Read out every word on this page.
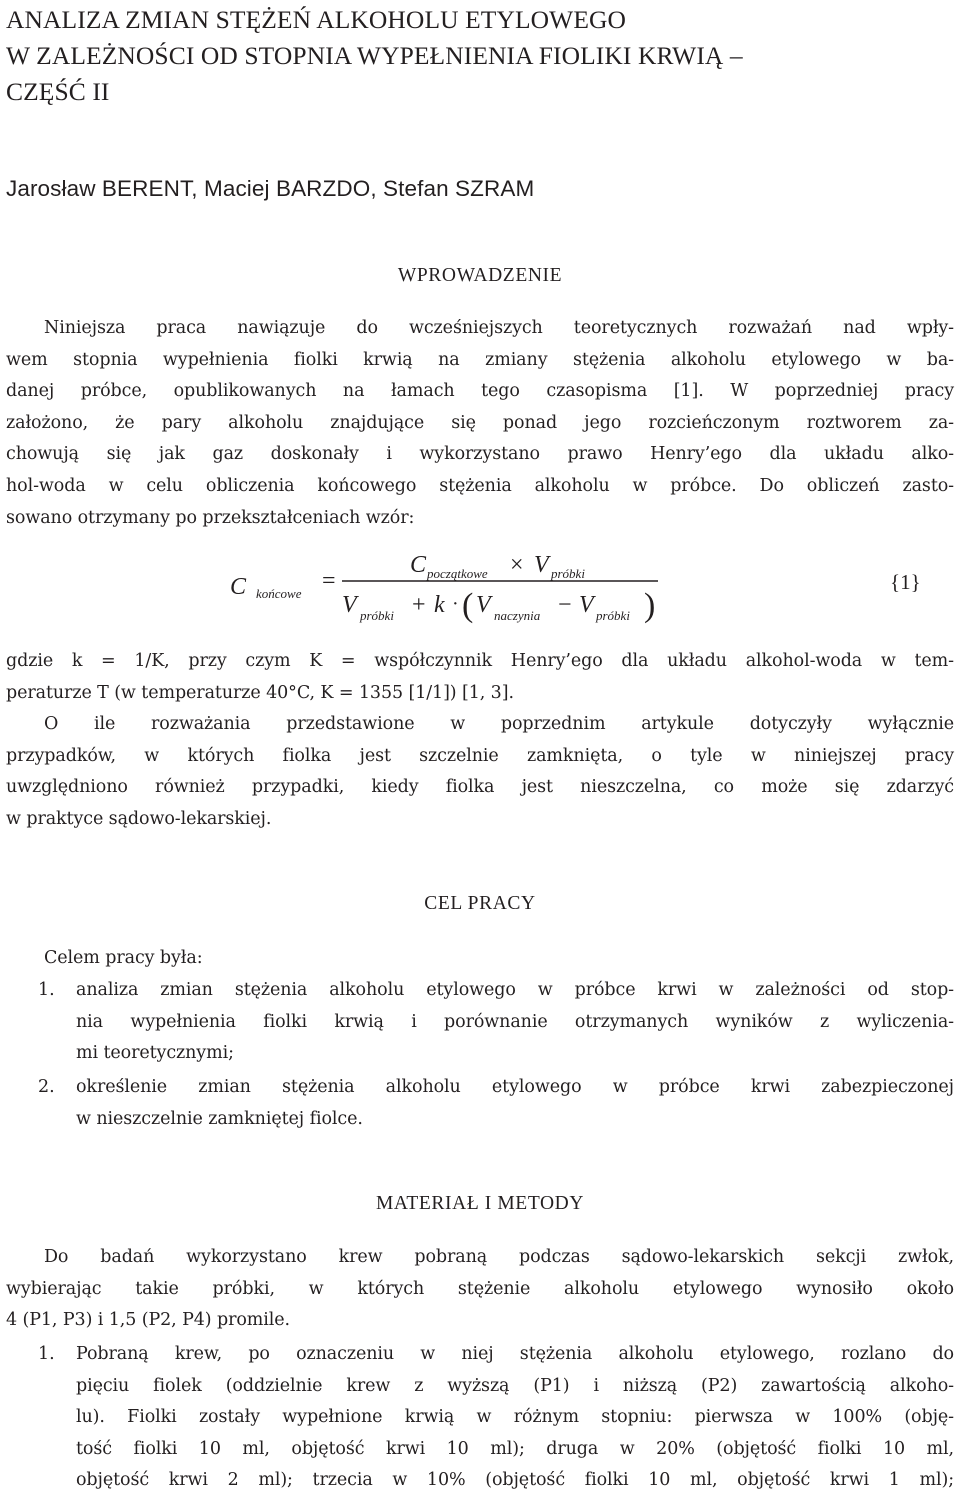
ANALIZA ZMIAN STĘŻEŃ ALKOHOLU ETYLOWEGO
W ZALEŻNOŚCI OD STOPNIA WYPEŁNIENIA FIOLIKI KRWIĄ –
CZĘŚĆ II
Jarosław BERENT, Maciej BARZDO, Stefan SZRAM
WPROWADZENIE
Niniejsza praca nawiązuje do wcześniejszych teoretycznych rozważań nad wpły-
wem stopnia wypełnienia fiolki krwią na zmiany stężenia alkoholu etylowego w ba-
danej próbce, opublikowanych na łamach tego czasopisma [1]. W poprzedniej pracy
założono, że pary alkoholu znajdujące się ponad jego rozcieńczonym roztworem za-
chowują się jak gaz doskonały i wykorzystano prawo Henry’ego dla układu alko-
hol-woda w celu obliczenia końcowego stężenia alkoholu w próbce. Do obliczeń zasto-
sowano otrzymany po przekształceniach wzór:
C końcowe =
C początkowe × V próbki
V próbki + k · ( V naczynia − V próbki )
{1}
gdzie k = 1/K, przy czym K = współczynnik Henry’ego dla układu alkohol-woda w tem-
peraturze T (w temperaturze 40°C, K = 1355 [1/1]) [1, 3].
O ile rozważania przedstawione w poprzednim artykule dotyczyły wyłącznie
przypadków, w których fiolka jest szczelnie zamknięta, o tyle w niniejszej pracy
uwzględniono również przypadki, kiedy fiolka jest nieszczelna, co może się zdarzyć
w praktyce sądowo-lekarskiej.
CEL PRACY
Celem pracy była:
1.	analiza zmian stężenia alkoholu etylowego w próbce krwi w zależności od stop-
nia wypełnienia fiolki krwią i porównanie otrzymanych wyników z wyliczenia-
mi teoretycznymi;
2.	określenie zmian stężenia alkoholu etylowego w próbce krwi zabezpieczonej
w nieszczelnie zamkniętej fiolce.
MATERIAŁ I METODY
Do badań wykorzystano krew pobraną podczas sądowo-lekarskich sekcji zwłok,
wybierając takie próbki, w których stężenie alkoholu etylowego wynosiło około
4 (P1, P3) i 1,5 (P2, P4) promile.
1.	Pobraną krew, po oznaczeniu w niej stężenia alkoholu etylowego, rozlano do
pięciu fiolek (oddzielnie krew z wyższą (P1) i niższą (P2) zawartością alkoho-
lu). Fiolki zostały wypełnione krwią w różnym stopniu: pierwsza w 100% (obję-
tość fiolki 10 ml, objętość krwi 10 ml); druga w 20% (objętość fiolki 10 ml,
objętość krwi 2 ml); trzecia w 10% (objętość fiolki 10 ml, objętość krwi 1 ml);
